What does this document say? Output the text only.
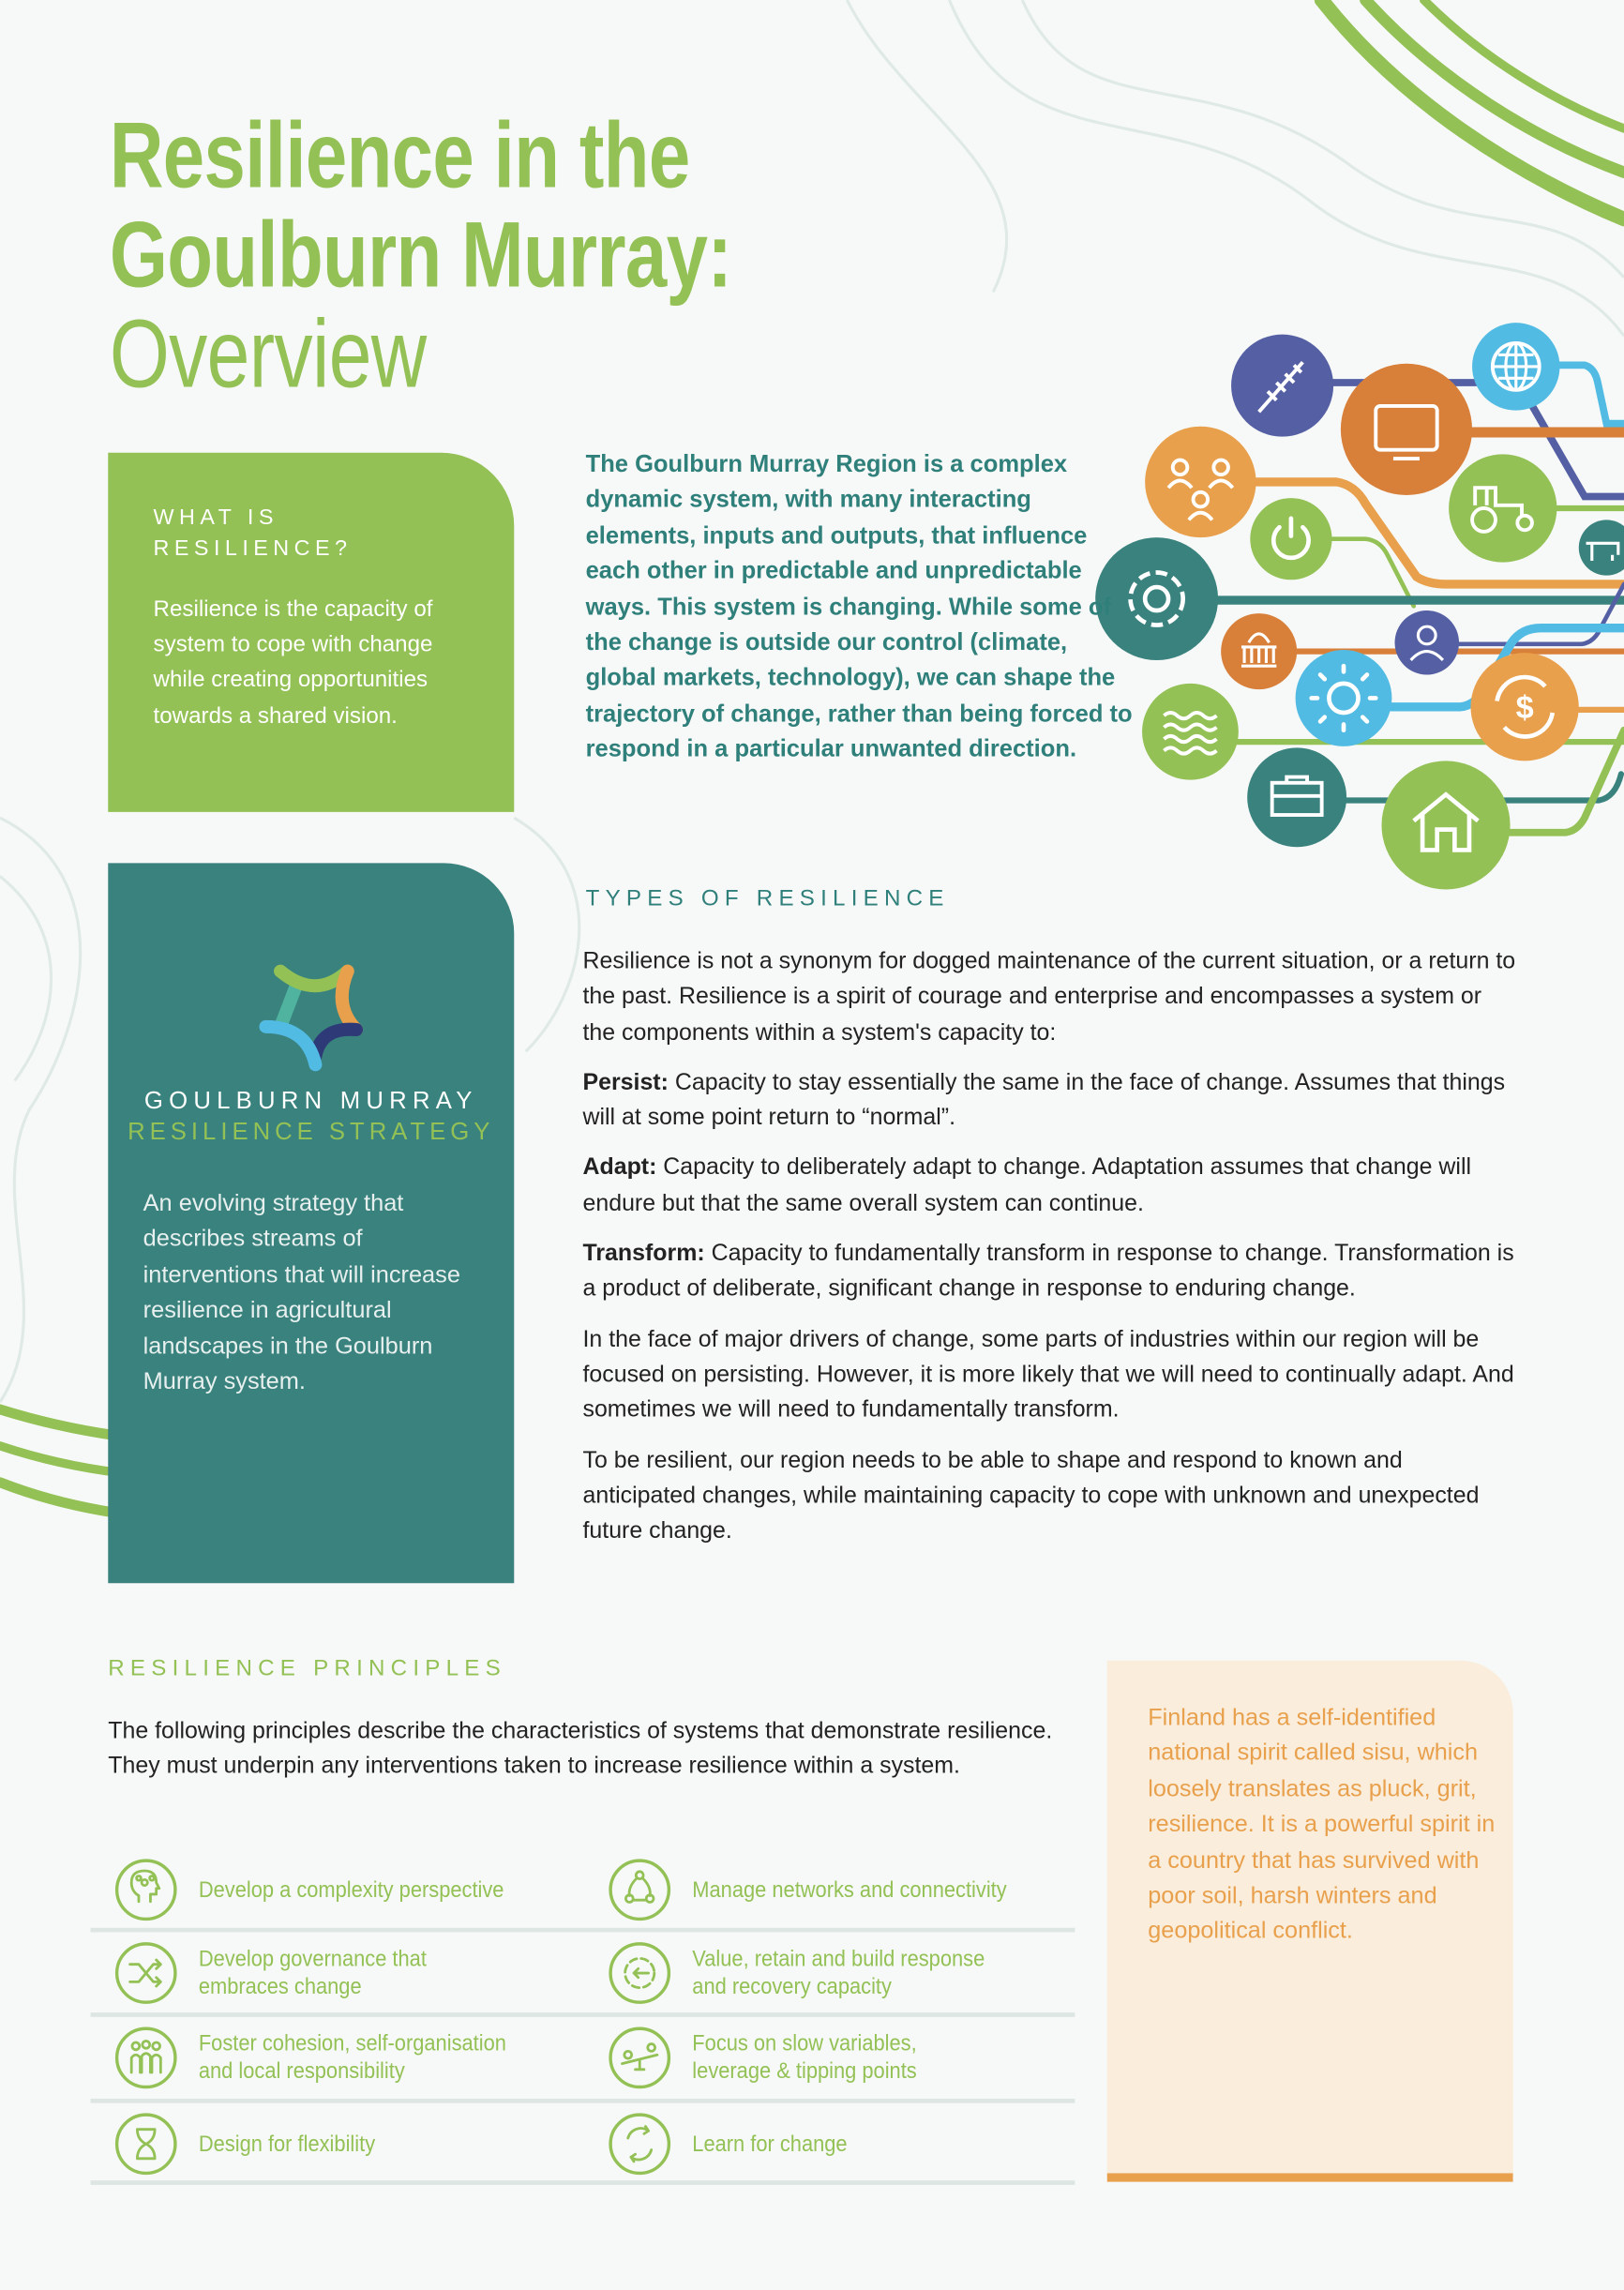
$
Resilience in the
Goulburn Murray:
Overview
WHAT IS RESILIENCE?

Resilience is the capacity of system to cope with change while creating opportunities towards a shared vision.

GOULBURN MURRAY
RESILIENCE STRATEGY

An evolving strategy that describes streams of interventions that will increase resilience in agricultural landscapes in the Goulburn Murray system.

The Goulburn Murray Region is a complex dynamic system, with many interacting elements, inputs and outputs, that influence each other in predictable and unpredictable ways. This system is changing. While some of the change is outside our control (climate, global markets, technology), we can shape the trajectory of change, rather than being forced to respond in a particular unwanted direction.

TYPES OF RESILIENCE

Resilience is not a synonym for dogged maintenance of the current situation, or a return to the past. Resilience is a spirit of courage and enterprise and encompasses a system or the components within a system's capacity to:

Persist: Capacity to stay essentially the same in the face of change. Assumes that things will at some point return to “normal”.

Adapt: Capacity to deliberately adapt to change. Adaptation assumes that change will endure but that the same overall system can continue.

Transform: Capacity to fundamentally transform in response to change. Transformation is a product of deliberate, significant change in response to enduring change.

In the face of major drivers of change, some parts of industries within our region will be focused on persisting. However, it is more likely that we will need to continually adapt. And sometimes we will need to fundamentally transform.

To be resilient, our region needs to be able to shape and respond to known and anticipated changes, while maintaining capacity to cope with unknown and unexpected future change.

RESILIENCE PRINCIPLES

The following principles describe the characteristics of systems that demonstrate resilience. They must underpin any interventions taken to increase resilience within a system.

Finland has a self-identified national spirit called sisu, which loosely translates as pluck, grit, resilience. It is a powerful spirit in a country that has survived with poor soil, harsh winters and geopolitical conflict.

Develop a complexity perspective	Manage networks and connectivity
Develop governance that
embraces change
Value, retain and build response
and recovery capacity
Foster cohesion, self-organisation
and local responsibility
Focus on slow variables,
leverage & tipping points
Design for flexibility	Learn for change
